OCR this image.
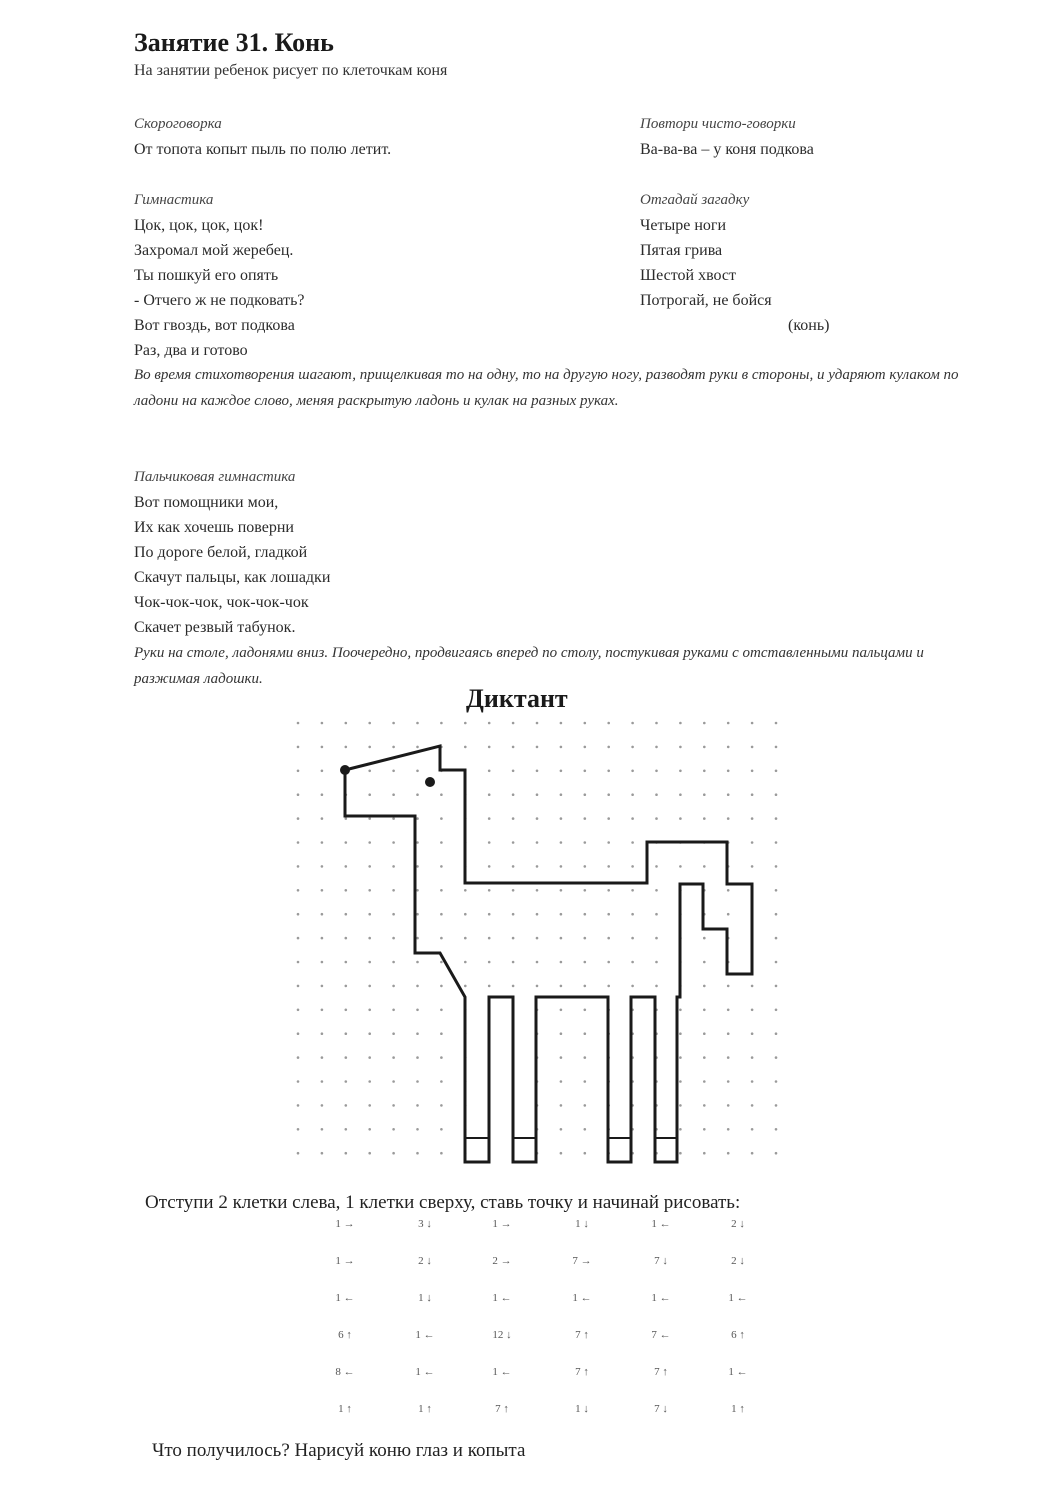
Занятие 31. Конь
На занятии ребенок рисует по клеточкам коня
Скороговорка
От топота копыт пыль по полю летит.
Гимнастика
Цок, цок, цок, цок!
Захромал мой жеребец.
Ты пошкуй его опять
- Отчего ж не подковать?
Вот гвоздь, вот подкова
Раз, два и готово
Во время стихотворения шагают, прищелкивая то на одну, то на другую ногу, разводят руки в стороны, и ударяют кулаком по ладони на каждое слово, меняя раскрытую ладонь и кулак на разных руках.
Повтори чисто-говорки
Ва-ва-ва – у коня подкова
Отгадай загадку
Четыре ноги
Пятая грива
Шестой хвост
Потрогай, не бойся
(конь)
Пальчиковая гимнастика
Вот помощники мои,
Их как хочешь поверни
По дороге белой, гладкой
Скачут пальцы, как лошадки
Чок-чок-чок, чок-чок-чок
Скачет резвый табунок.
Руки на столе, ладонями вниз. Поочередно, продвигаясь вперед по столу, постукивая руками с отставленными пальцами и разжимая ладошки.
Диктант
Отступи 2 клетки слева, 1 клетки сверху, ставь точку и начинай рисовать:
1 →	3 ↓	1 →	1 ↓	1 ←	2 ↓
1 →	2 ↓	2 →	7 →	7 ↓	2 ↓
1 ←	1 ↓	1 ←	1 ←	1 ←	1 ←
6 ↑	1 ←	12 ↓	7 ↑	7 ←	6 ↑
8 ←	1 ←	1 ←	7 ↑	7 ↑	1 ←
1 ↑	1 ↑	7 ↑	1 ↓	7 ↓	1 ↑
Что получилось? Нарисуй коню глаз и копыта
